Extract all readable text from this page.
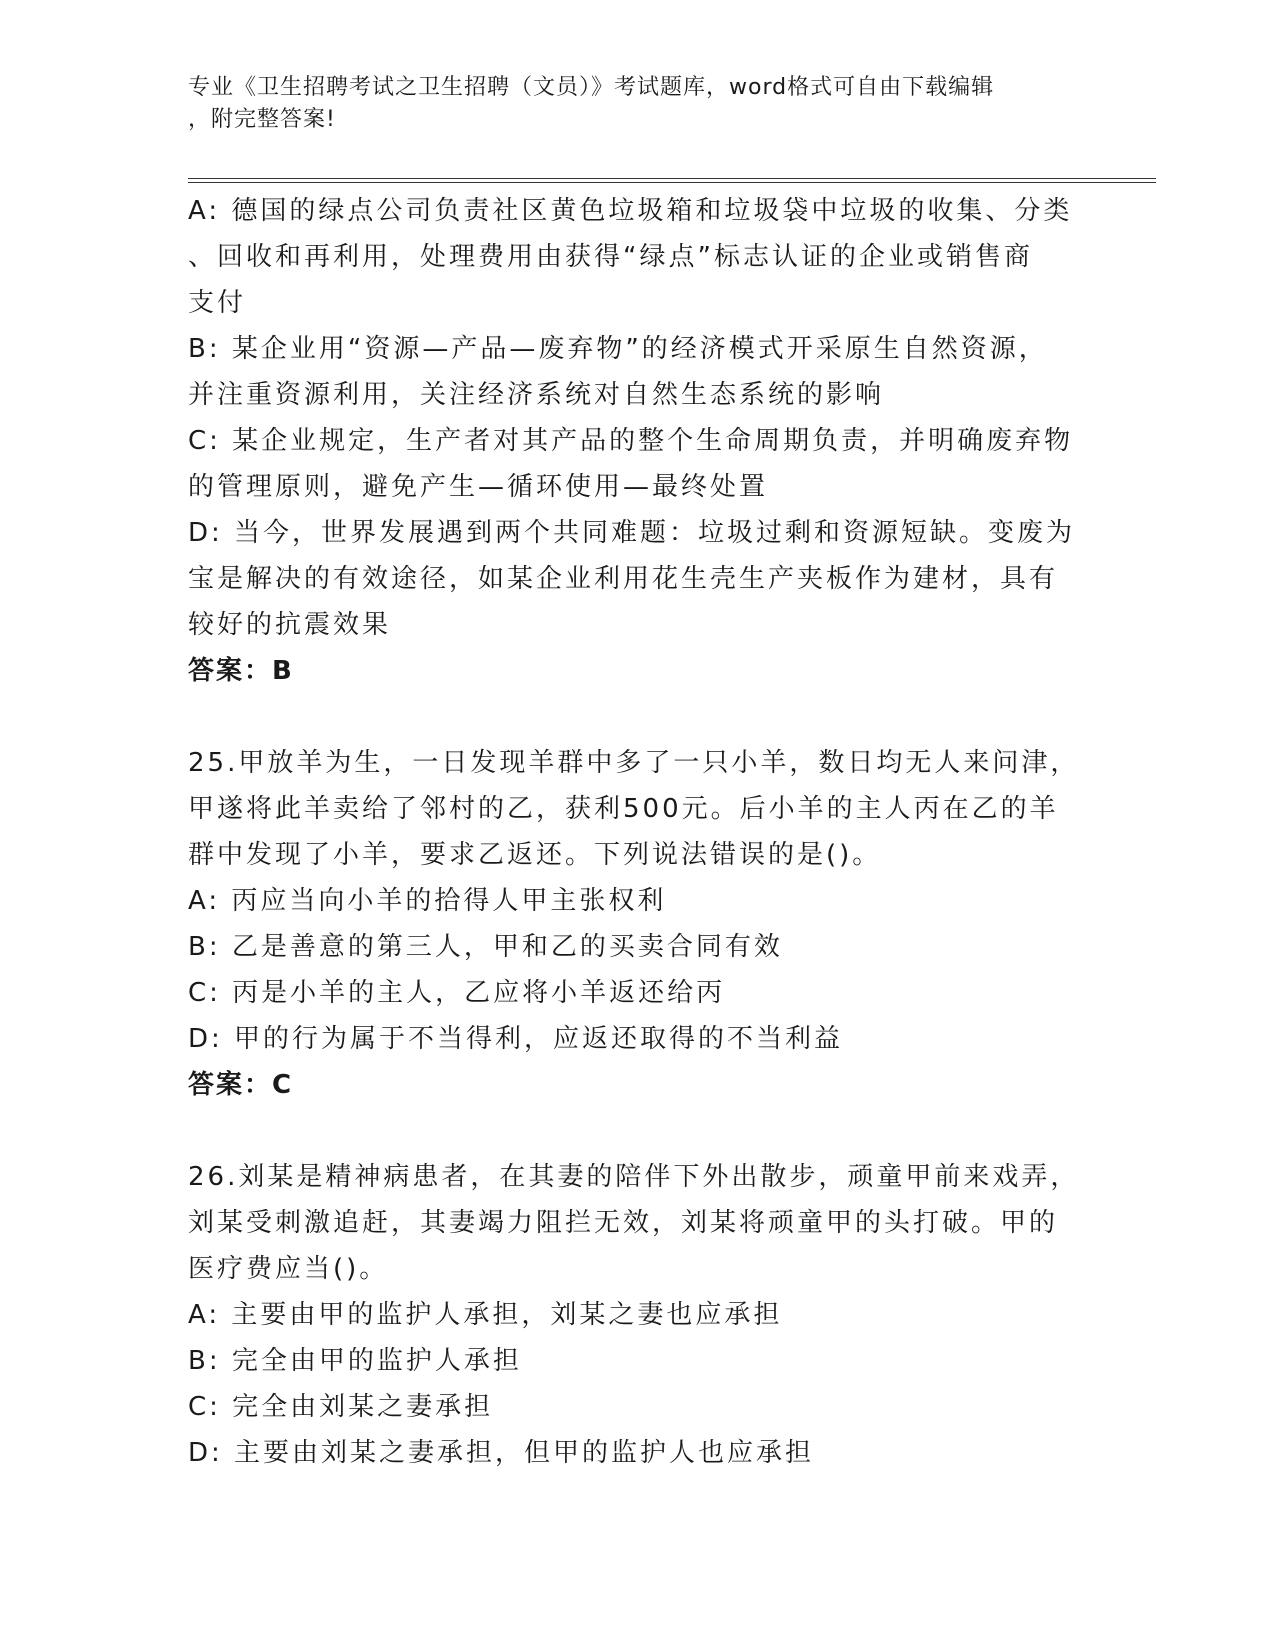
专业《卫生招聘考试之卫生招聘（文员）》考试题库，word格式可自由下载编辑
，附完整答案!
A: 德国的绿点公司负责社区黄色垃圾箱和垃圾袋中垃圾的收集、分类
、回收和再利用，处理费用由获得“绿点”标志认证的企业或销售商
支付
B: 某企业用“资源—产品—废弃物”的经济模式开采原生自然资源，
并注重资源利用，关注经济系统对自然生态系统的影响
C: 某企业规定，生产者对其产品的整个生命周期负责，并明确废弃物
的管理原则，避免产生—循环使用—最终处置
D: 当今，世界发展遇到两个共同难题：垃圾过剩和资源短缺。变废为
宝是解决的有效途径，如某企业利用花生壳生产夹板作为建材，具有
较好的抗震效果
答案：B
25.甲放羊为生，一日发现羊群中多了一只小羊，数日均无人来问津，
甲遂将此羊卖给了邻村的乙，获利500元。后小羊的主人丙在乙的羊
群中发现了小羊，要求乙返还。下列说法错误的是()。
A: 丙应当向小羊的拾得人甲主张权利
B: 乙是善意的第三人，甲和乙的买卖合同有效
C: 丙是小羊的主人，乙应将小羊返还给丙
D: 甲的行为属于不当得利，应返还取得的不当利益
答案：C
26.刘某是精神病患者，在其妻的陪伴下外出散步，顽童甲前来戏弄，
刘某受刺激追赶，其妻竭力阻拦无效，刘某将顽童甲的头打破。甲的
医疗费应当()。
A: 主要由甲的监护人承担，刘某之妻也应承担
B: 完全由甲的监护人承担
C: 完全由刘某之妻承担
D: 主要由刘某之妻承担，但甲的监护人也应承担
